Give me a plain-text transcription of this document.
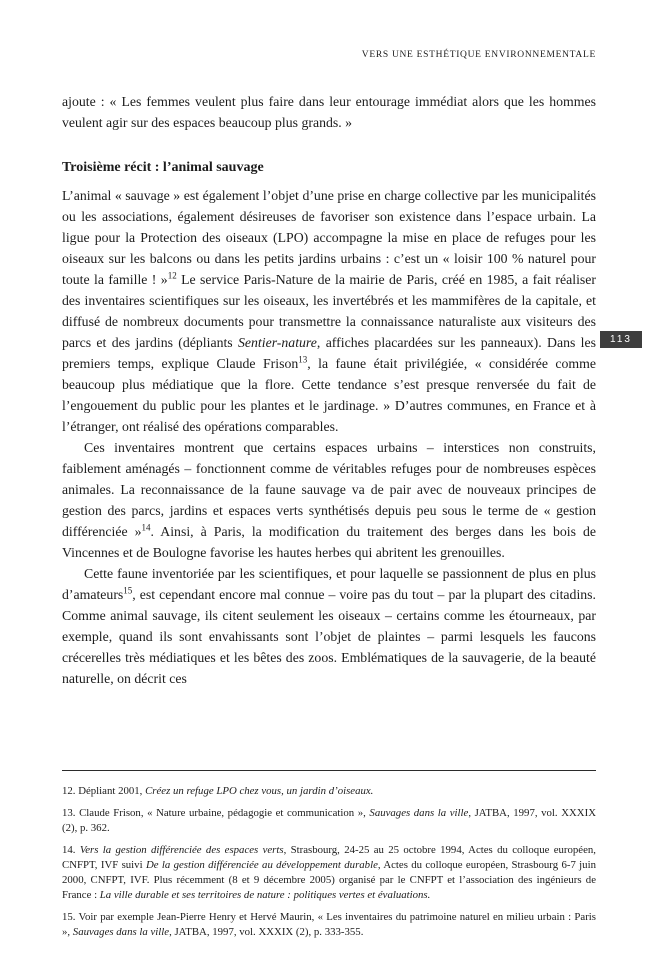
VERS UNE ESTHÉTIQUE ENVIRONNEMENTALE
113

ajoute : « Les femmes veulent plus faire dans leur entourage immédiat alors que les hommes veulent agir sur des espaces beaucoup plus grands. »

Troisième récit : l’animal sauvage

L’animal « sauvage » est également l’objet d’une prise en charge collective par les municipalités ou les associations, également désireuses de favoriser son existence dans l’espace urbain. La ligue pour la Protection des oiseaux (LPO) accompagne la mise en place de refuges pour les oiseaux sur les balcons ou dans les petits jardins urbains : c’est un « loisir 100 % naturel pour toute la famille ! »$^{12}$ Le service Paris-Nature de la mairie de Paris, créé en 1985, a fait réaliser des inventaires scientifiques sur les oiseaux, les invertébrés et les mammifères de la capitale, et diffusé de nombreux documents pour transmettre la connaissance naturaliste aux visiteurs des parcs et des jardins (dépliants Sentier-nature, affiches placardées sur les panneaux). Dans les premiers temps, explique Claude Frison$^{13}$, la faune était privilégiée, « considérée comme beaucoup plus médiatique que la flore. Cette tendance s’est presque renversée du fait de l’engouement du public pour les plantes et le jardinage. » D’autres communes, en France et à l’étranger, ont réalisé des opérations comparables.

Ces inventaires montrent que certains espaces urbains – interstices non construits, faiblement aménagés – fonctionnent comme de véritables refuges pour de nombreuses espèces animales. La reconnaissance de la faune sauvage va de pair avec de nouveaux principes de gestion des parcs, jardins et espaces verts synthétisés depuis peu sous le terme de « gestion différenciée »$^{14}$. Ainsi, à Paris, la modification du traitement des berges dans les bois de Vincennes et de Boulogne favorise les hautes herbes qui abritent les grenouilles.

Cette faune inventoriée par les scientifiques, et pour laquelle se passionnent de plus en plus d’amateurs$^{15}$, est cependant encore mal connue – voire pas du tout – par la plupart des citadins. Comme animal sauvage, ils citent seulement les oiseaux – certains comme les étourneaux, par exemple, quand ils sont envahissants sont l’objet de plaintes – parmi lesquels les faucons crécerelles très médiatiques et les bêtes des zoos. Emblématiques de la sauvagerie, de la beauté naturelle, on décrit ces

12. Dépliant 2001, Créez un refuge LPO chez vous, un jardin d’oiseaux.

13. Claude Frison, « Nature urbaine, pédagogie et communication », Sauvages dans la ville, JATBA, 1997, vol. XXXIX (2), p. 362.

14. Vers la gestion différenciée des espaces verts, Strasbourg, 24-25 au 25 octobre 1994, Actes du colloque européen, CNFPT, IVF suivi De la gestion différenciée au développement durable, Actes du colloque européen, Strasbourg 6-7 juin 2000, CNFPT, IVF. Plus récemment (8 et 9 décembre 2005) organisé par le CNFPT et l’association des ingénieurs de France : La ville durable et ses territoires de nature : politiques vertes et évaluations.

15. Voir par exemple Jean-Pierre Henry et Hervé Maurin, « Les inventaires du patrimoine naturel en milieu urbain : Paris », Sauvages dans la ville, JATBA, 1997, vol. XXXIX (2), p. 333-355.
